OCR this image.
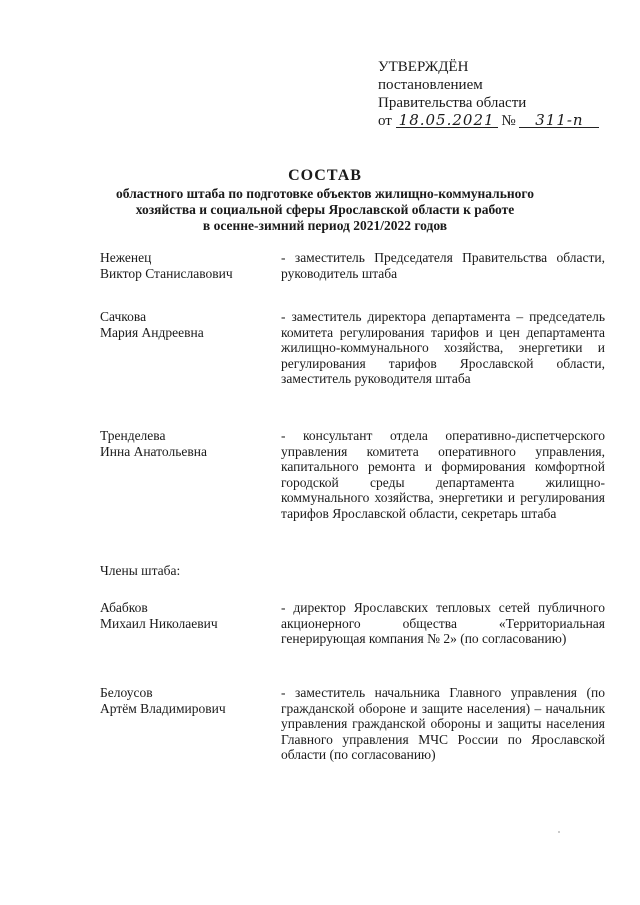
УТВЕРЖДЁН
постановлением
Правительства области
от 18.05.2021 № 311-п
СОСТАВ
областного штаба по подготовке объектов жилищно-коммунального
хозяйства и социальной сферы Ярославской области к работе
в осенне-зимний период 2021/2022 годов
Неженец
Виктор Станиславович
- заместитель Председателя Правительства области, руководитель штаба
Сачкова
Мария Андреевна
- заместитель директора департамента – председатель комитета регулирования тарифов и цен департамента жилищно-коммунального хозяйства, энергетики и регулирования тарифов Ярославской области, заместитель руководителя штаба
Тренделева
Инна Анатольевна
- консультант отдела оперативно-диспетчерского управления комитета оперативного управления, капитального ремонта и формирования комфортной городской среды департамента жилищно-коммунального хозяйства, энергетики и регулирования тарифов Ярославской области, секретарь штаба
Члены штаба:
Абабков
Михаил Николаевич
- директор Ярославских тепловых сетей публичного акционерного общества «Территориальная генерирующая компания № 2» (по согласованию)
Белоусов
Артём Владимирович
- заместитель начальника Главного управления (по гражданской обороне и защите населения) – начальник управления гражданской обороны и защиты населения Главного управления МЧС России по Ярославской области (по согласованию)
